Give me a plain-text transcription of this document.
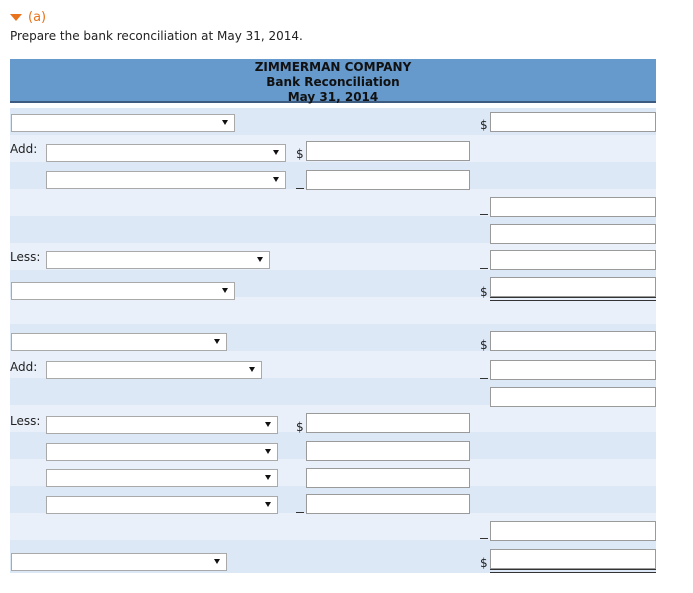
(a)
Prepare the bank reconciliation at May 31, 2014.
ZIMMERMAN COMPANY
Bank Reconciliation
May 31, 2014
$
Add:	$
Less:
$
$
Add:
Less:	$
$
